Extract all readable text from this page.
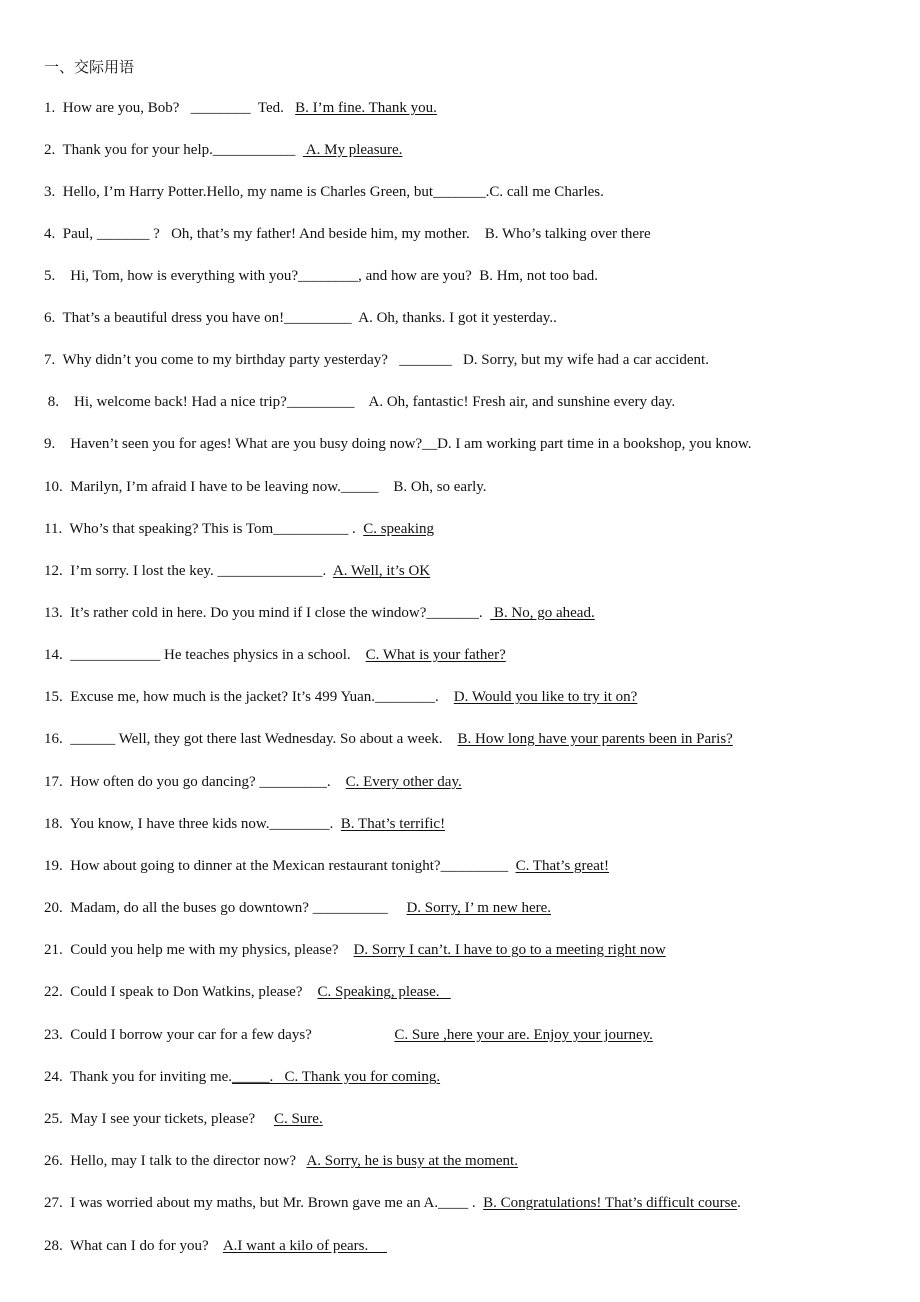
一、交际用语
1.  How are you, Bob?   ________  Ted.   B. I’m fine. Thank you.
2.  Thank you for your help.___________   A. My pleasure.
3.  Hello, I’m Harry Potter.Hello, my name is Charles Green, but_______.C. call me Charles.
4.  Paul, _______ ?   Oh, that’s my father! And beside him, my mother.    B. Who’s talking over there
5.    Hi, Tom, how is everything with you?________, and how are you?  B. Hm, not too bad.
6.  That’s a beautiful dress you have on!_________  A. Oh, thanks. I got it yesterday..
7.  Why didn’t you come to my birthday party yesterday?   _______   D. Sorry, but my wife had a car accident.
8.    Hi, welcome back! Had a nice trip?_________    A. Oh, fantastic! Fresh air, and sunshine every day.
9.    Haven’t seen you for ages! What are you busy doing now?__D. I am working part time in a bookshop, you know.
10.  Marilyn, I’m afraid I have to be leaving now._____    B. Oh, so early.
11.  Who’s that speaking? This is Tom__________ .  C. speaking
12.  I’m sorry. I lost the key. ______________.  A. Well, it’s OK
13.  It’s rather cold in here. Do you mind if I close the window?_______.   B. No, go ahead.
14.  ____________ He teaches physics in a school.    C. What is your father?
15.  Excuse me, how much is the jacket? It’s 499 Yuan.________.    D. Would you like to try it on?
16.  ______ Well, they got there last Wednesday. So about a week.    B. How long have your parents been in Paris?
17.  How often do you go dancing? _________.    C. Every other day.
18.  You know, I have three kids now.________.  B. That’s terrific!
19.  How about going to dinner at the Mexican restaurant tonight?_________  C. That’s great!
20.  Madam, do all the buses go downtown? __________     D. Sorry, I’ m new here.
21.  Could you help me with my physics, please?    D. Sorry I can’t. I have to go to a meeting right now
22.  Could I speak to Don Watkins, please?    C. Speaking, please.
23.  Could I borrow your car for a few days?                      C. Sure ,here your are. Enjoy your journey.
24.  Thank you for inviting me._____.   C. Thank you for coming.
25.  May I see your tickets, please?     C. Sure.
26.  Hello, may I talk to the director now?   A. Sorry, he is busy at the moment.
27.  I was worried about my maths, but Mr. Brown gave me an A.____ .  B. Congratulations! That’s difficult course.
28.  What can I do for you?    A.I want a kilo of pears.
